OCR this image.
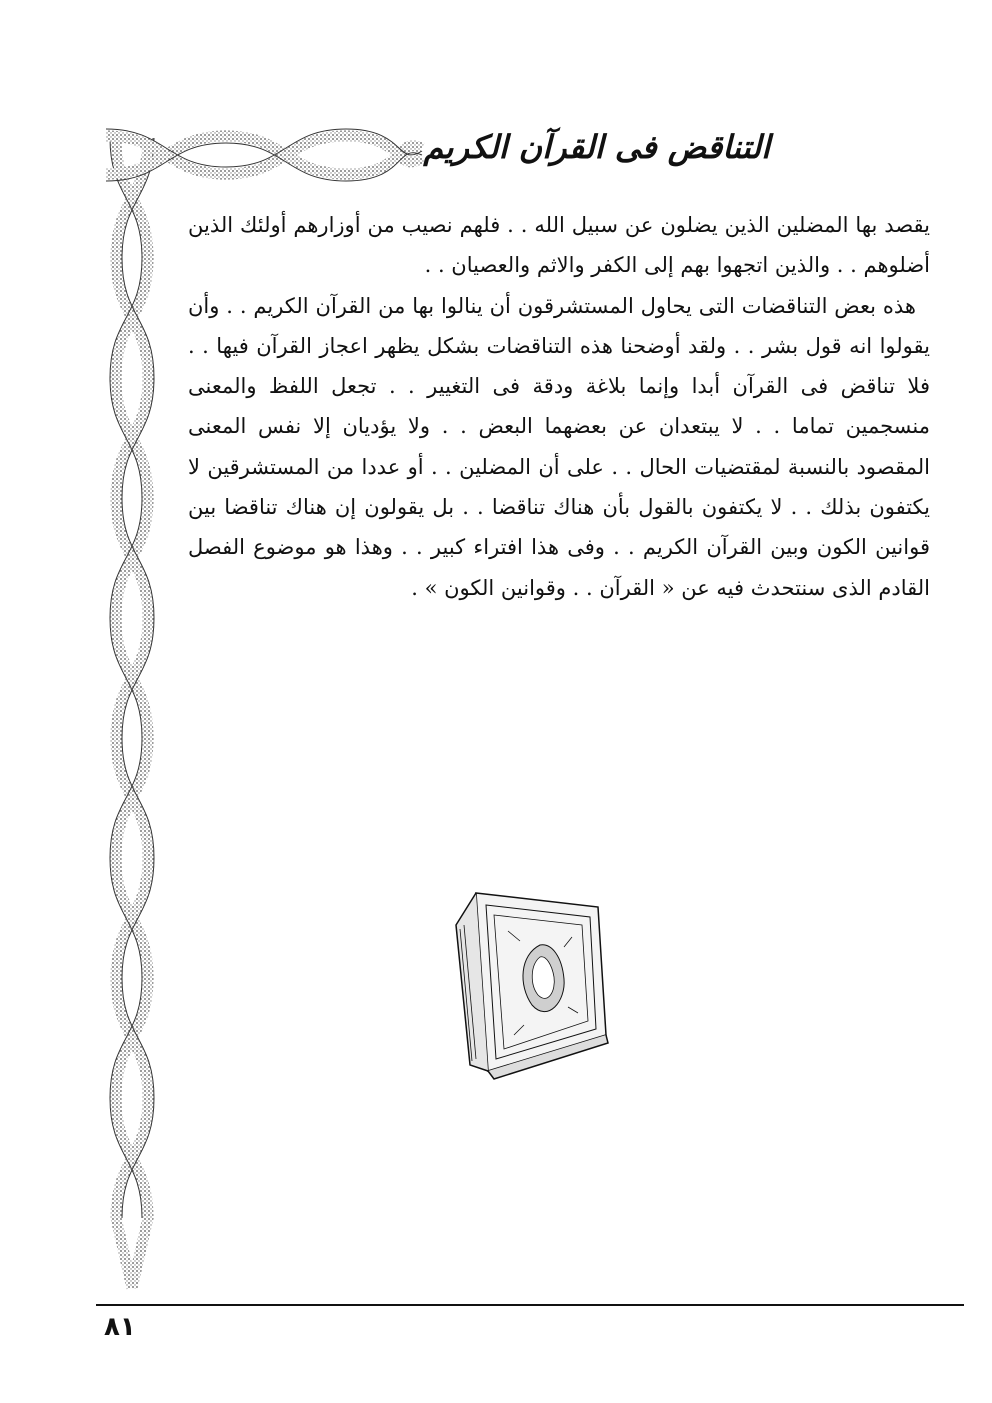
التناقض فى القرآن الكريم

يقصد بها المضلين الذين يضلون عن سبيل الله . . فلهم نصيب من أوزارهم أولئك الذين أضلوهم . . والذين اتجهوا بهم إلى الكفر والاثم والعصيان . .

هذه بعض التناقضات التى يحاول المستشرقون أن ينالوا بها من القرآن الكريم . . وأن يقولوا انه قول بشر . . ولقد أوضحنا هذه التناقضات بشكل يظهر اعجاز القرآن فيها . . فلا تناقض فى القرآن أبدا وإنما بلاغة ودقة فى التغيير . . تجعل اللفظ والمعنى منسجمين تماما . . لا يبتعدان عن بعضهما البعض . . ولا يؤديان إلا نفس المعنى المقصود بالنسبة لمقتضيات الحال . . على أن المضلين . . أو عددا من المستشرقين لا يكتفون بذلك . . لا يكتفون بالقول بأن هناك تناقضا . . بل يقولون إن هناك تناقضا بين قوانين الكون وبين القرآن الكريم . . وفى هذا افتراء كبير . . وهذا هو موضوع الفصل القادم الذى سنتحدث فيه عن « القرآن . . وقوانين الكون » .

٨١
